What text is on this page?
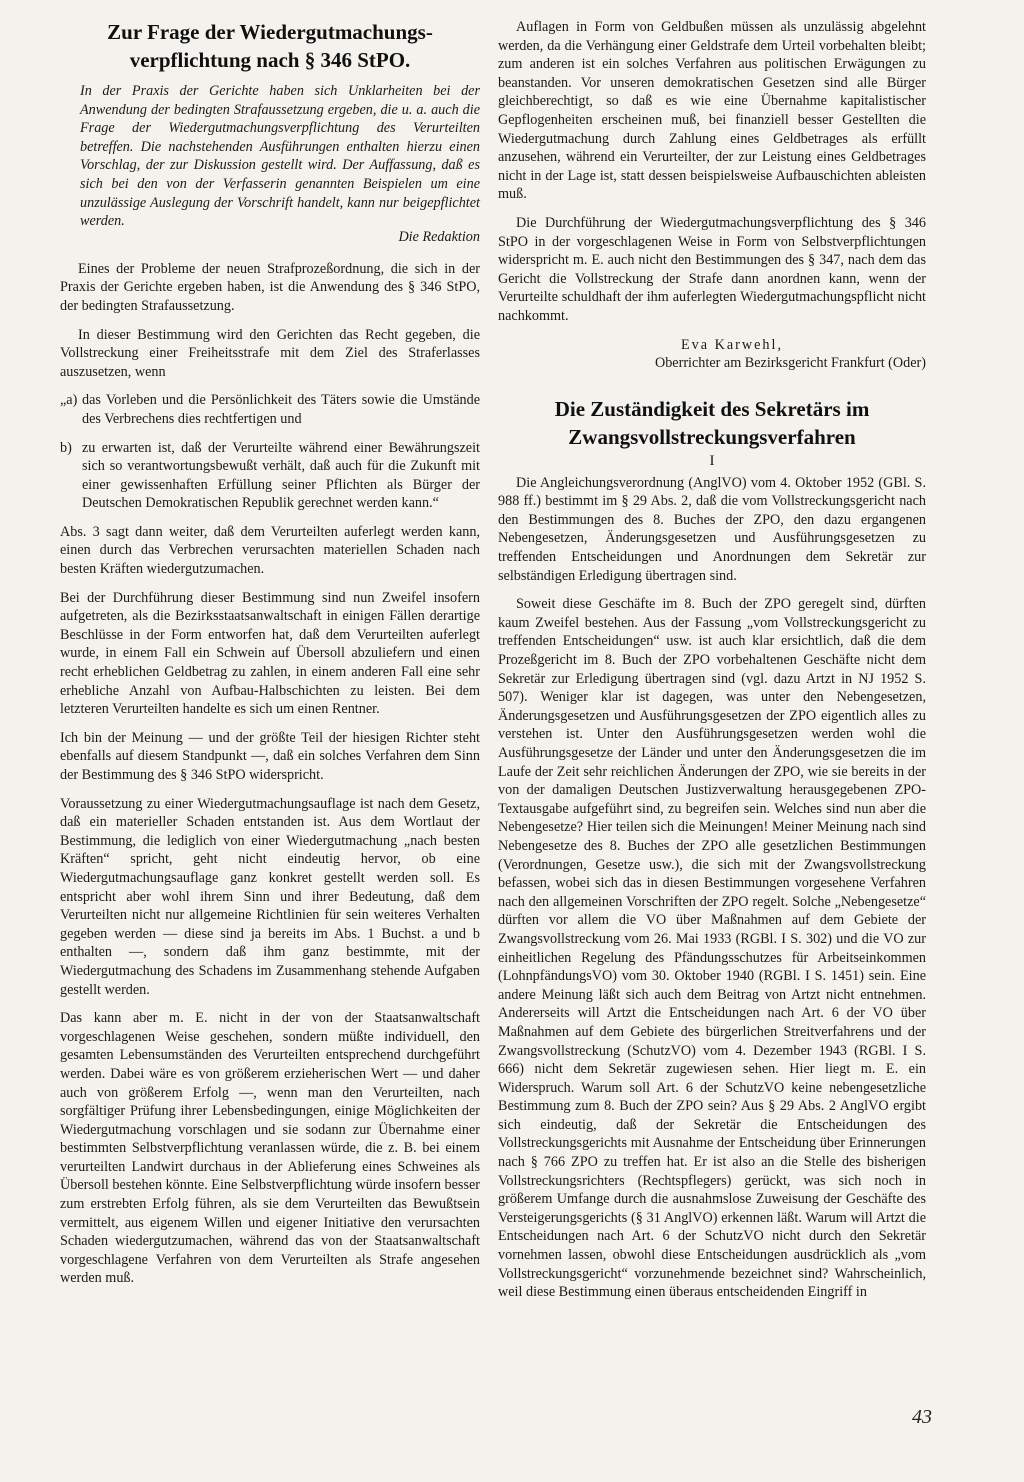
Zur Frage der Wiedergutmachungs- verpflichtung nach § 346 StPO.
In der Praxis der Gerichte haben sich Unklarheiten bei der Anwendung der bedingten Strafaussetzung ergeben, die u. a. auch die Frage der Wiedergutmachungsverpflichtung des Verurteilten betreffen. Die nachstehenden Ausführungen enthalten hierzu einen Vorschlag, der zur Diskussion gestellt wird. Der Auffassung, daß es sich bei den von der Verfasserin genannten Beispielen um eine unzulässige Auslegung der Vorschrift handelt, kann nur beigepflichtet werden.
Die Redaktion

Eines der Probleme der neuen Strafprozeßordnung, die sich in der Praxis der Gerichte ergeben haben, ist die Anwendung des § 346 StPO, der bedingten Strafaussetzung.

In dieser Bestimmung wird den Gerichten das Recht gegeben, die Vollstreckung einer Freiheitsstrafe mit dem Ziel des Straferlasses auszusetzen, wenn

„a) das Vorleben und die Persönlichkeit des Täters sowie die Umstände des Verbrechens dies rechtfertigen und
b) zu erwarten ist, daß der Verurteilte während einer Bewährungszeit sich so verantwortungsbewußt verhält, daß auch für die Zukunft mit einer gewissenhaften Erfüllung seiner Pflichten als Bürger der Deutschen Demokratischen Republik gerechnet werden kann.“

Abs. 3 sagt dann weiter, daß dem Verurteilten auferlegt werden kann, einen durch das Verbrechen verursachten materiellen Schaden nach besten Kräften wiedergutzumachen.

Bei der Durchführung dieser Bestimmung sind nun Zweifel insofern aufgetreten, als die Bezirksstaatsanwaltschaft in einigen Fällen derartige Beschlüsse in der Form entworfen hat, daß dem Verurteilten auferlegt wurde, in einem Fall ein Schwein auf Übersoll abzuliefern und einen recht erheblichen Geldbetrag zu zahlen, in einem anderen Fall eine sehr erhebliche Anzahl von Aufbau-Halbschichten zu leisten. Bei dem letzteren Verurteilten handelte es sich um einen Rentner.

Ich bin der Meinung — und der größte Teil der hiesigen Richter steht ebenfalls auf diesem Standpunkt —, daß ein solches Verfahren dem Sinn der Bestimmung des § 346 StPO widerspricht.

Voraussetzung zu einer Wiedergutmachungsauflage ist nach dem Gesetz, daß ein materieller Schaden entstanden ist. Aus dem Wortlaut der Bestimmung, die lediglich von einer Wiedergutmachung „nach besten Kräften“ spricht, geht nicht eindeutig hervor, ob eine Wiedergutmachungsauflage ganz konkret gestellt werden soll. Es entspricht aber wohl ihrem Sinn und ihrer Bedeutung, daß dem Verurteilten nicht nur allgemeine Richtlinien für sein weiteres Verhalten gegeben werden — diese sind ja bereits im Abs. 1 Buchst. a und b enthalten —, sondern daß ihm ganz bestimmte, mit der Wiedergutmachung des Schadens im Zusammenhang stehende Aufgaben gestellt werden.

Das kann aber m. E. nicht in der von der Staatsanwaltschaft vorgeschlagenen Weise geschehen, sondern müßte individuell, den gesamten Lebensumständen des Verurteilten entsprechend durchgeführt werden. Dabei wäre es von größerem erzieherischen Wert — und daher auch von größerem Erfolg —, wenn man den Verurteilten, nach sorgfältiger Prüfung ihrer Lebensbedingungen, einige Möglichkeiten der Wiedergutmachung vorschlagen und sie sodann zur Übernahme einer bestimmten Selbstverpflichtung veranlassen würde, die z. B. bei einem verurteilten Landwirt durchaus in der Ablieferung eines Schweines als Übersoll bestehen könnte. Eine Selbstverpflichtung würde insofern besser zum erstrebten Erfolg führen, als sie dem Verurteilten das Bewußtsein vermittelt, aus eigenem Willen und eigener Initiative den verursachten Schaden wiedergutzumachen, während das von der Staatsanwaltschaft vorgeschlagene Verfahren von dem Verurteilten als Strafe angesehen werden muß.

Auflagen in Form von Geldbußen müssen als unzulässig abgelehnt werden, da die Verhängung einer Geldstrafe dem Urteil vorbehalten bleibt; zum anderen ist ein solches Verfahren aus politischen Erwägungen zu beanstanden. Vor unseren demokratischen Gesetzen sind alle Bürger gleichberechtigt, so daß es wie eine Übernahme kapitalistischer Gepflogenheiten erscheinen muß, bei finanziell besser Gestellten die Wiedergutmachung durch Zahlung eines Geldbetrages als erfüllt anzusehen, während ein Verurteilter, der zur Leistung eines Geldbetrages nicht in der Lage ist, statt dessen beispielsweise Aufbauschichten ableisten muß.

Die Durchführung der Wiedergutmachungsverpflichtung des § 346 StPO in der vorgeschlagenen Weise in Form von Selbstverpflichtungen widerspricht m. E. auch nicht den Bestimmungen des § 347, nach dem das Gericht die Vollstreckung der Strafe dann anordnen kann, wenn der Verurteilte schuldhaft der ihm auferlegten Wiedergutmachungspflicht nicht nachkommt.

Eva Karwehl,
Oberrichter am Bezirksgericht Frankfurt (Oder)
Die Zuständigkeit des Sekretärs im Zwangsvollstreckungsverfahren
I

Die Angleichungsverordnung (AnglVO) vom 4. Oktober 1952 (GBl. S. 988 ff.) bestimmt im § 29 Abs. 2, daß die vom Vollstreckungsgericht nach den Bestimmungen des 8. Buches der ZPO, den dazu ergangenen Nebengesetzen, Änderungsgesetzen und Ausführungsgesetzen zu treffenden Entscheidungen und Anordnungen dem Sekretär zur selbständigen Erledigung übertragen sind.

Soweit diese Geschäfte im 8. Buch der ZPO geregelt sind, dürften kaum Zweifel bestehen. Aus der Fassung „vom Vollstreckungsgericht zu treffenden Entscheidungen“ usw. ist auch klar ersichtlich, daß die dem Prozeßgericht im 8. Buch der ZPO vorbehaltenen Geschäfte nicht dem Sekretär zur Erledigung übertragen sind (vgl. dazu Artzt in NJ 1952 S. 507). Weniger klar ist dagegen, was unter den Nebengesetzen, Änderungsgesetzen und Ausführungsgesetzen der ZPO eigentlich alles zu verstehen ist. Unter den Ausführungsgesetzen werden wohl die Ausführungsgesetze der Länder und unter den Änderungsgesetzen die im Laufe der Zeit sehr reichlichen Änderungen der ZPO, wie sie bereits in der von der damaligen Deutschen Justizverwaltung herausgegebenen ZPO-Textausgabe aufgeführt sind, zu begreifen sein. Welches sind nun aber die Nebengesetze? Hier teilen sich die Meinungen! Meiner Meinung nach sind Nebengesetze des 8. Buches der ZPO alle gesetzlichen Bestimmungen (Verordnungen, Gesetze usw.), die sich mit der Zwangsvollstreckung befassen, wobei sich das in diesen Bestimmungen vorgesehene Verfahren nach den allgemeinen Vorschriften der ZPO regelt. Solche „Nebengesetze“ dürften vor allem die VO über Maßnahmen auf dem Gebiete der Zwangsvollstreckung vom 26. Mai 1933 (RGBl. I S. 302) und die VO zur einheitlichen Regelung des Pfändungsschutzes für Arbeitseinkommen (LohnpfändungsVO) vom 30. Oktober 1940 (RGBl. I S. 1451) sein. Eine andere Meinung läßt sich auch dem Beitrag von Artzt nicht entnehmen. Andererseits will Artzt die Entscheidungen nach Art. 6 der VO über Maßnahmen auf dem Gebiete des bürgerlichen Streitverfahrens und der Zwangsvollstreckung (SchutzVO) vom 4. Dezember 1943 (RGBl. I S. 666) nicht dem Sekretär zugewiesen sehen. Hier liegt m. E. ein Widerspruch. Warum soll Art. 6 der SchutzVO keine nebengesetzliche Bestimmung zum 8. Buch der ZPO sein? Aus § 29 Abs. 2 AnglVO ergibt sich eindeutig, daß der Sekretär die Entscheidungen des Vollstreckungsgerichts mit Ausnahme der Entscheidung über Erinnerungen nach § 766 ZPO zu treffen hat. Er ist also an die Stelle des bisherigen Vollstreckungsrichters (Rechtspflegers) gerückt, was sich noch in größerem Umfange durch die ausnahmslose Zuweisung der Geschäfte des Versteigerungsgerichts (§ 31 AnglVO) erkennen läßt. Warum will Artzt die Entscheidungen nach Art. 6 der SchutzVO nicht durch den Sekretär vornehmen lassen, obwohl diese Entscheidungen ausdrücklich als „vom Vollstreckungsgericht“ vorzunehmende bezeichnet sind? Wahrscheinlich, weil diese Bestimmung einen überaus entscheidenden Eingriff in

43
